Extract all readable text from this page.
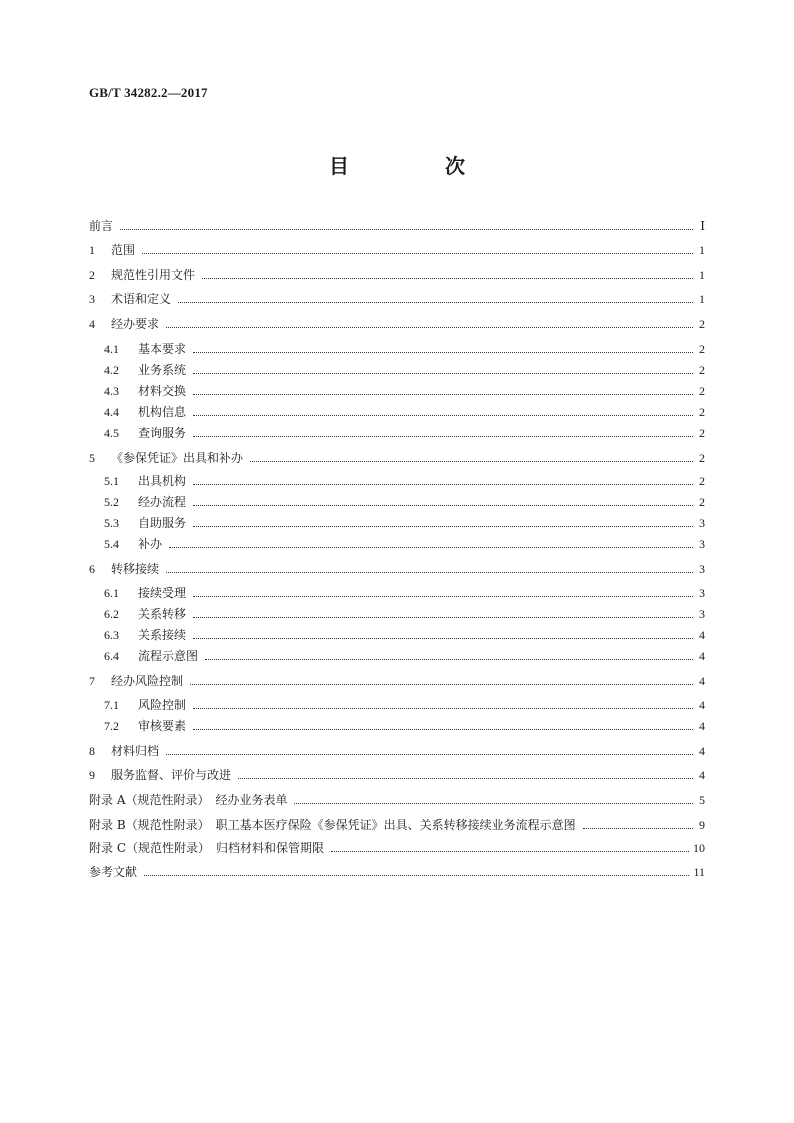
GB/T 34282.2—2017
目　次
前言	Ⅰ
1	范围	1
2	规范性引用文件	1
3	术语和定义	1
4	经办要求	2
4.1	基本要求	2
4.2	业务系统	2
4.3	材料交换	2
4.4	机构信息	2
4.5	查询服务	2
5	《参保凭证》出具和补办	2
5.1	出具机构	2
5.2	经办流程	2
5.3	自助服务	3
5.4	补办	3
6	转移接续	3
6.1	接续受理	3
6.2	关系转移	3
6.3	关系接续	4
6.4	流程示意图	4
7	经办风险控制	4
7.1	风险控制	4
7.2	审核要素	4
8	材料归档	4
9	服务监督、评价与改进	4
附录 A（规范性附录）　经办业务表单	5
附录 B（规范性附录）　职工基本医疗保险《参保凭证》出具、关系转移接续业务流程示意图	9
附录 C（规范性附录）　归档材料和保管期限	10
参考文献	11
